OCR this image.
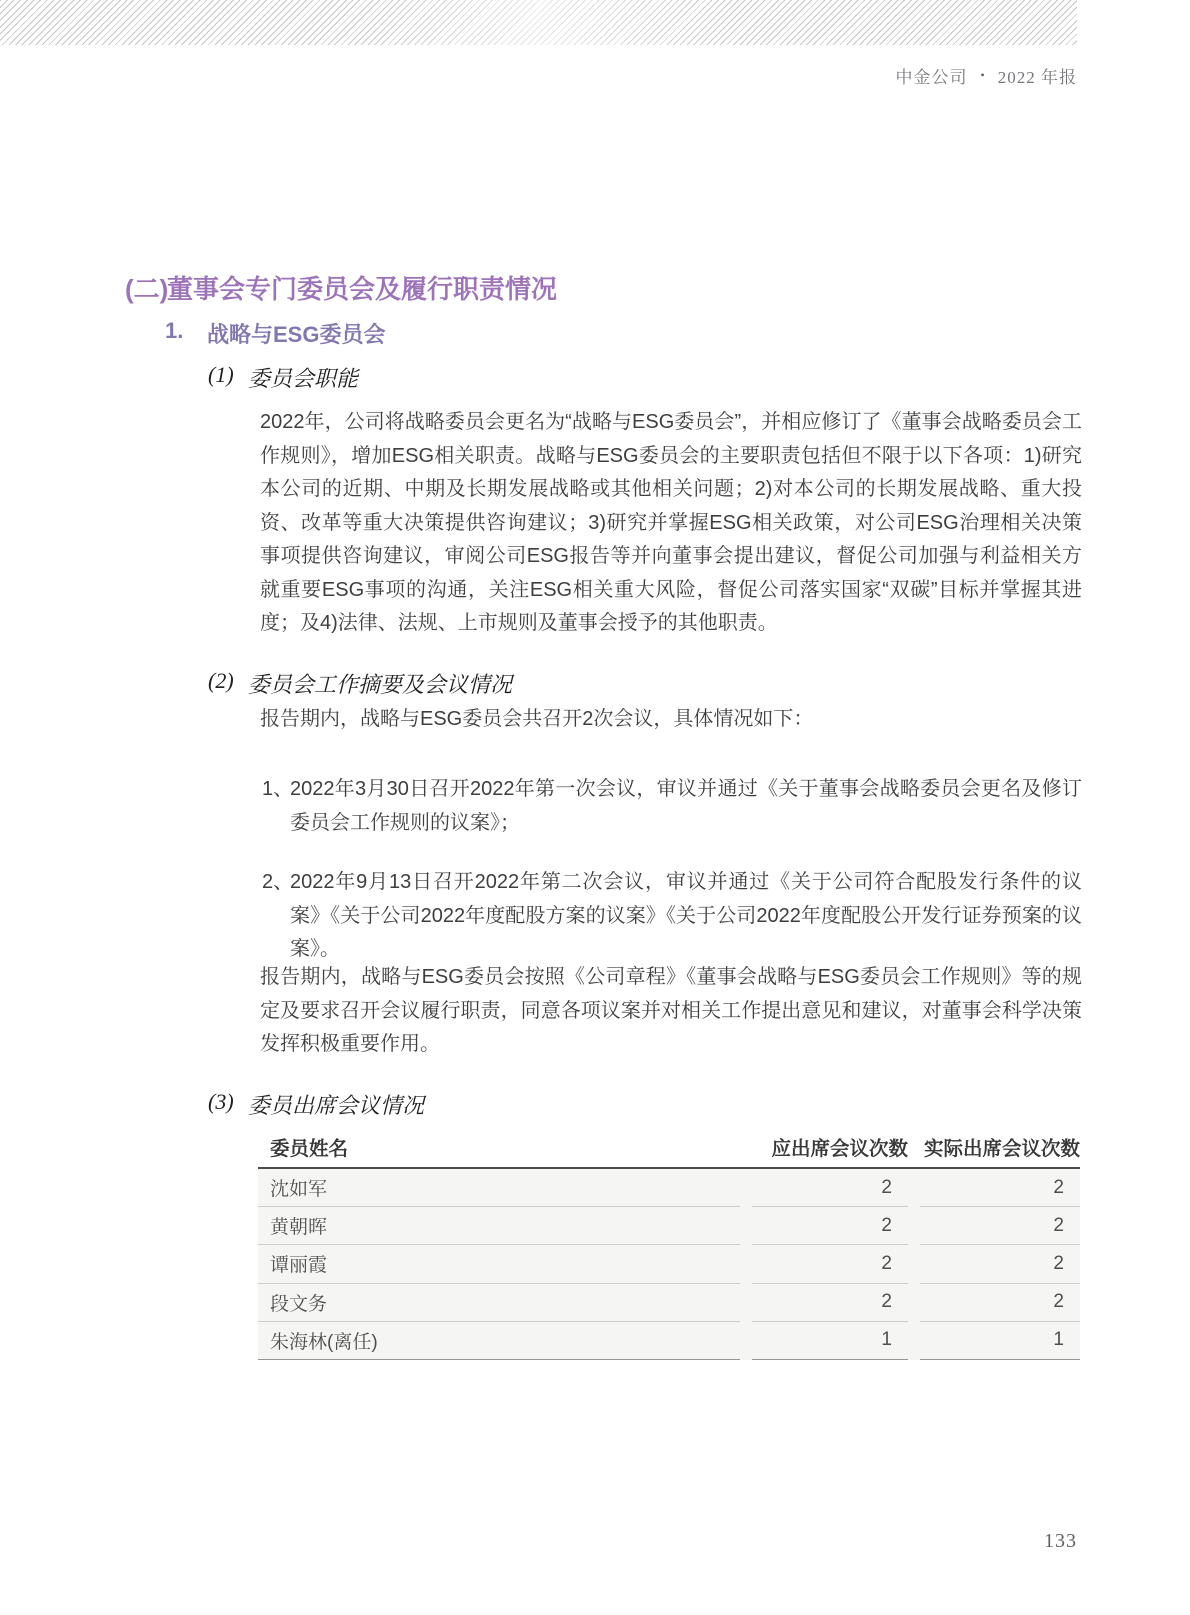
中金公司 • 2022 年报
(二)
董事会专门委员会及履行职责情况
1.	战略与ESG委员会
(1) 委员会职能
2022年，公司将战略委员会更名为“战略与ESG委员会”，并相应修订了《董事会战略委员会工作规则》，增加ESG相关职责。战略与ESG委员会的主要职责包括但不限于以下各项：1)研究本公司的近期、中期及长期发展战略或其他相关问题；2)对本公司的长期发展战略、重大投资、改革等重大决策提供咨询建议；3)研究并掌握ESG相关政策，对公司ESG治理相关决策事项提供咨询建议，审阅公司ESG报告等并向董事会提出建议，督促公司加强与利益相关方就重要ESG事项的沟通，关注ESG相关重大风险，督促公司落实国家“双碳”目标并掌握其进度；及4)法律、法规、上市规则及董事会授予的其他职责。
(2) 委员会工作摘要及会议情况
报告期内，战略与ESG委员会共召开2次会议，具体情况如下：
1、
2022年3月30日召开2022年第一次会议，审议并通过《关于董事会战略委员会更名及修订委员会工作规则的议案》；
2、
2022年9月13日召开2022年第二次会议，审议并通过《关于公司符合配股发行条件的议案》《关于公司2022年度配股方案的议案》《关于公司2022年度配股公开发行证券预案的议案》。
报告期内，战略与ESG委员会按照《公司章程》《董事会战略与ESG委员会工作规则》等的规定及要求召开会议履行职责，同意各项议案并对相关工作提出意见和建议，对董事会科学决策发挥积极重要作用。
(3) 委员出席会议情况
委员姓名	应出席会议次数 实际出席会议次数
沈如军	2	2
黄朝晖	2	2
谭丽霞	2	2
段文务	2	2
朱海林(离任)	1	1
133
